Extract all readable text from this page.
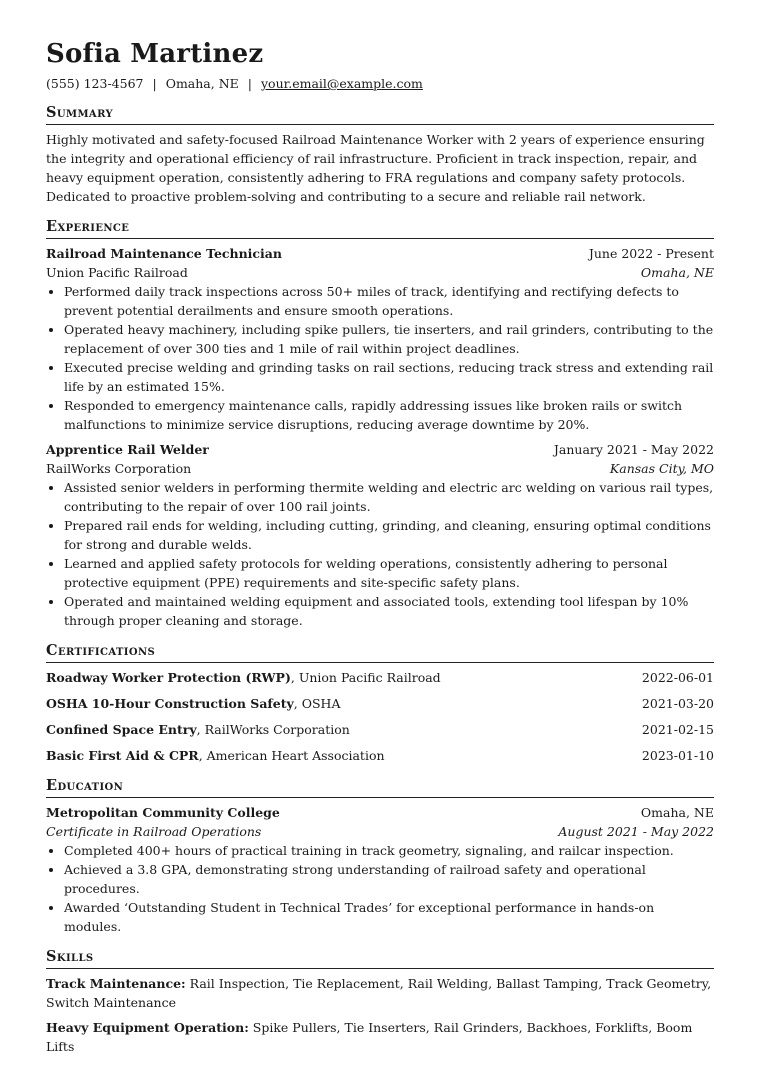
Sofia Martinez
(555) 123-4567 | Omaha, NE | your.email@example.com
Summary
Highly motivated and safety-focused Railroad Maintenance Worker with 2 years of experience ensuring the integrity and operational efficiency of rail infrastructure. Proficient in track inspection, repair, and heavy equipment operation, consistently adhering to FRA regulations and company safety protocols. Dedicated to proactive problem-solving and contributing to a secure and reliable rail network.
Experience
Railroad Maintenance Technician	June 2022 - Present
Union Pacific Railroad	Omaha, NE
• Performed daily track inspections across 50+ miles of track, identifying and rectifying defects to prevent potential derailments and ensure smooth operations.
• Operated heavy machinery, including spike pullers, tie inserters, and rail grinders, contributing to the replacement of over 300 ties and 1 mile of rail within project deadlines.
• Executed precise welding and grinding tasks on rail sections, reducing track stress and extending rail life by an estimated 15%.
• Responded to emergency maintenance calls, rapidly addressing issues like broken rails or switch malfunctions to minimize service disruptions, reducing average downtime by 20%.
Apprentice Rail Welder	January 2021 - May 2022
RailWorks Corporation	Kansas City, MO
• Assisted senior welders in performing thermite welding and electric arc welding on various rail types, contributing to the repair of over 100 rail joints.
• Prepared rail ends for welding, including cutting, grinding, and cleaning, ensuring optimal conditions for strong and durable welds.
• Learned and applied safety protocols for welding operations, consistently adhering to personal protective equipment (PPE) requirements and site-specific safety plans.
• Operated and maintained welding equipment and associated tools, extending tool lifespan by 10% through proper cleaning and storage.
Certifications
Roadway Worker Protection (RWP), Union Pacific Railroad	2022-06-01
OSHA 10-Hour Construction Safety, OSHA	2021-03-20
Confined Space Entry, RailWorks Corporation	2021-02-15
Basic First Aid & CPR, American Heart Association	2023-01-10
Education
Metropolitan Community College	Omaha, NE
Certificate in Railroad Operations	August 2021 - May 2022
• Completed 400+ hours of practical training in track geometry, signaling, and railcar inspection.
• Achieved a 3.8 GPA, demonstrating strong understanding of railroad safety and operational procedures.
• Awarded ‘Outstanding Student in Technical Trades’ for exceptional performance in hands-on modules.
Skills
Track Maintenance: Rail Inspection, Tie Replacement, Rail Welding, Ballast Tamping, Track Geometry, Switch Maintenance
Heavy Equipment Operation: Spike Pullers, Tie Inserters, Rail Grinders, Backhoes, Forklifts, Boom Lifts
